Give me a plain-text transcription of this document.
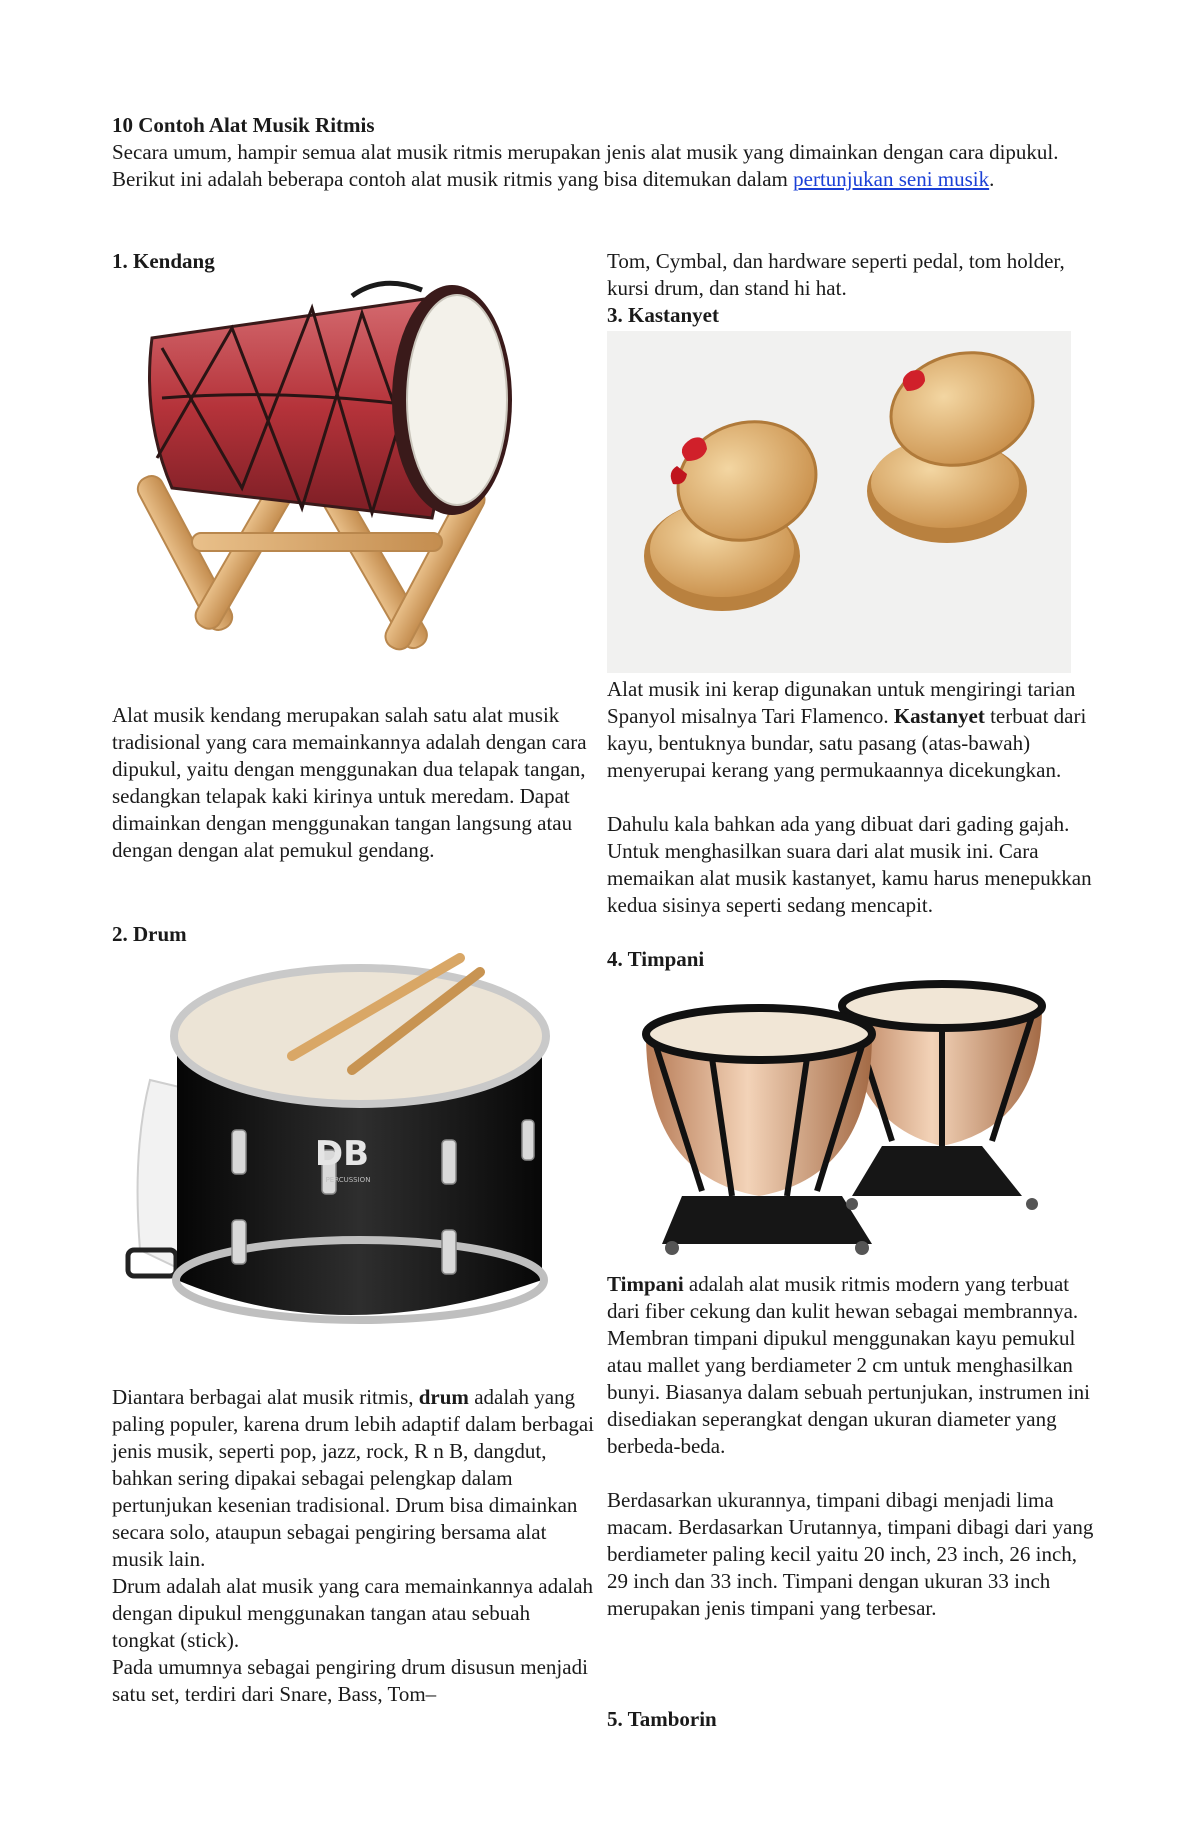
10 Contoh Alat Musik Ritmis

Secara umum, hampir semua alat musik ritmis merupakan jenis alat musik yang dimainkan dengan cara dipukul. Berikut ini adalah beberapa contoh alat musik ritmis yang bisa ditemukan dalam pertunjukan seni musik.

1. Kendang

Alat musik kendang merupakan salah satu alat musik tradisional yang cara memainkannya adalah dengan cara dipukul, yaitu dengan menggunakan dua telapak tangan, sedangkan telapak kaki kirinya untuk meredam. Dapat dimainkan dengan menggunakan tangan langsung atau dengan dengan alat pemukul gendang.

2. Drum

DB
PERCUSSION

Diantara berbagai alat musik ritmis, drum adalah yang paling populer, karena drum lebih adaptif dalam berbagai jenis musik, seperti pop, jazz, rock, R n B, dangdut, bahkan sering dipakai sebagai pelengkap dalam pertunjukan kesenian tradisional. Drum bisa dimainkan secara solo, ataupun sebagai pengiring bersama alat musik lain.

Drum adalah alat musik yang cara memainkannya adalah dengan dipukul menggunakan tangan atau sebuah tongkat (stick).

Pada umumnya sebagai pengiring drum disusun menjadi satu set, terdiri dari Snare, Bass, Tom–

Tom, Cymbal, dan hardware seperti pedal, tom holder, kursi drum, dan stand hi hat.

3. Kastanyet

Alat musik ini kerap digunakan untuk mengiringi tarian Spanyol misalnya Tari Flamenco. Kastanyet terbuat dari kayu, bentuknya bundar, satu pasang (atas-bawah) menyerupai kerang yang permukaannya dicekungkan.

Dahulu kala bahkan ada yang dibuat dari gading gajah. Untuk menghasilkan suara dari alat musik ini. Cara memaikan alat musik kastanyet, kamu harus menepukkan kedua sisinya seperti sedang mencapit.

4. Timpani

Timpani adalah alat musik ritmis modern yang terbuat dari fiber cekung dan kulit hewan sebagai membrannya. Membran timpani dipukul menggunakan kayu pemukul atau mallet yang berdiameter 2 cm untuk menghasilkan bunyi. Biasanya dalam sebuah pertunjukan, instrumen ini disediakan seperangkat dengan ukuran diameter yang berbeda-beda.

Berdasarkan ukurannya, timpani dibagi menjadi lima macam. Berdasarkan Urutannya, timpani dibagi dari yang berdiameter paling kecil yaitu 20 inch, 23 inch, 26 inch, 29 inch dan 33 inch. Timpani dengan ukuran 33 inch merupakan jenis timpani yang terbesar.

5. Tamborin
